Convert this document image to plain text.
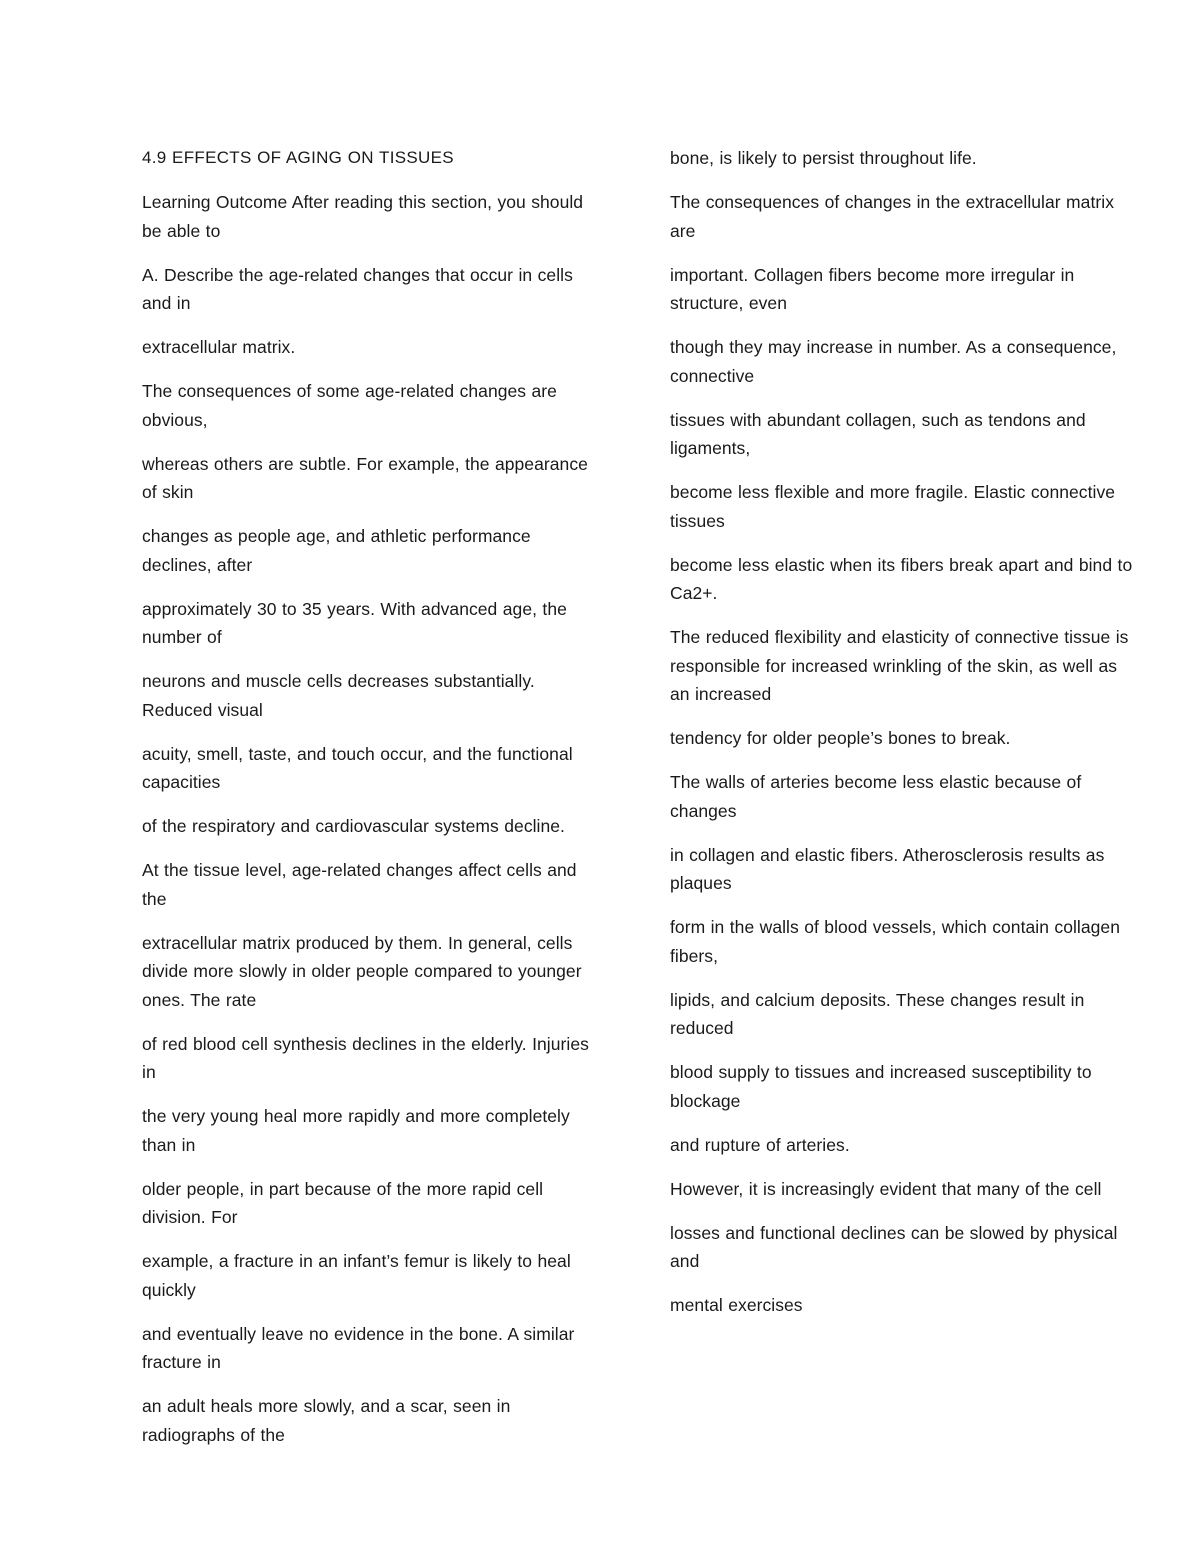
4.9 EFFECTS OF AGING ON TISSUES

Learning Outcome After reading this section, you should be able to

A. Describe the age-related changes that occur in cells and in

extracellular matrix.

The consequences of some age-related changes are obvious,

whereas others are subtle. For example, the appearance of skin

changes as people age, and athletic performance declines, after

approximately 30 to 35 years. With advanced age, the number of

neurons and muscle cells decreases substantially. Reduced visual

acuity, smell, taste, and touch occur, and the functional capacities

of the respiratory and cardiovascular systems decline.

At the tissue level, age-related changes affect cells and the

extracellular matrix produced by them. In general, cells divide more slowly in older people compared to younger ones. The rate

of red blood cell synthesis declines in the elderly. Injuries in

the very young heal more rapidly and more completely than in

older people, in part because of the more rapid cell division. For

example, a fracture in an infant’s femur is likely to heal quickly

and eventually leave no evidence in the bone. A similar fracture in

an adult heals more slowly, and a scar, seen in radiographs of the

bone, is likely to persist throughout life.

The consequences of changes in the extracellular matrix are

important. Collagen fibers become more irregular in structure, even

though they may increase in number. As a consequence, connective

tissues with abundant collagen, such as tendons and ligaments,

become less flexible and more fragile. Elastic connective tissues

become less elastic when its fibers break apart and bind to Ca2+.

The reduced flexibility and elasticity of connective tissue is responsible for increased wrinkling of the skin, as well as an increased

tendency for older people’s bones to break.

The walls of arteries become less elastic because of changes

in collagen and elastic fibers. Atherosclerosis results as plaques

form in the walls of blood vessels, which contain collagen fibers,

lipids, and calcium deposits. These changes result in reduced

blood supply to tissues and increased susceptibility to blockage

and rupture of arteries.

However, it is increasingly evident that many of the cell

losses and functional declines can be slowed by physical and

mental exercises
